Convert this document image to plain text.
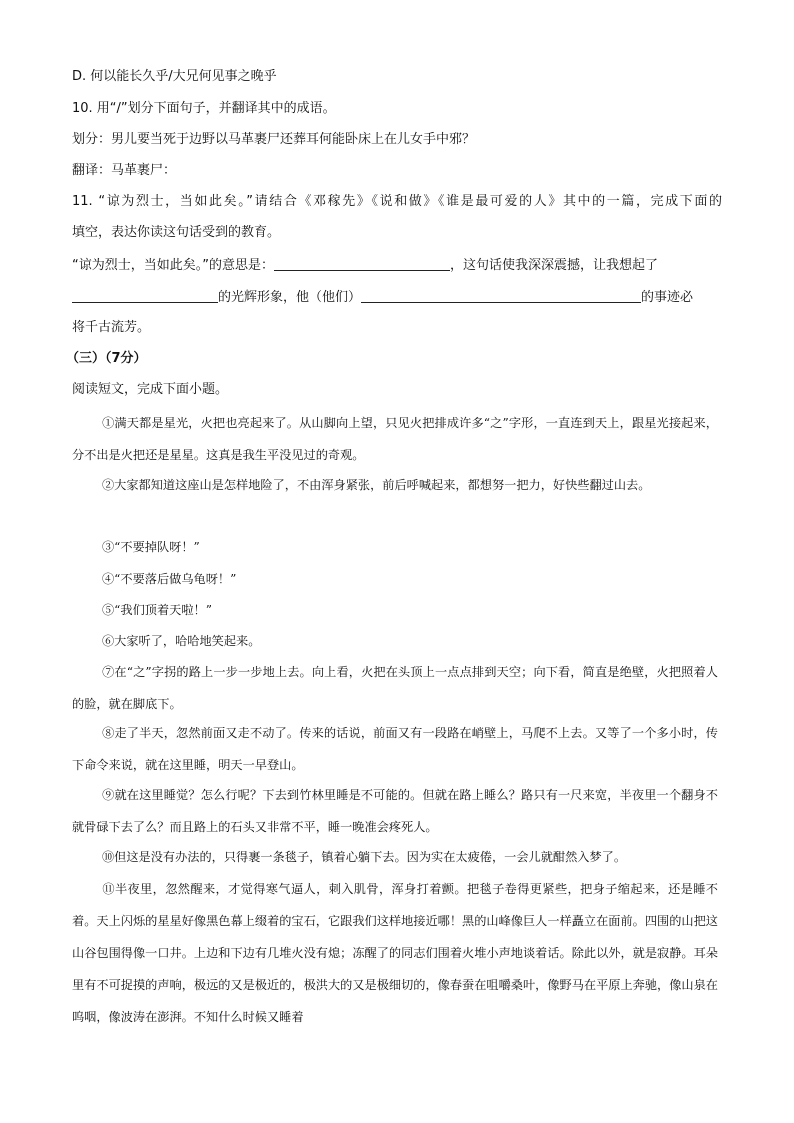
D. 何以能长久乎/大兄何见事之晚乎
10. 用“/”划分下面句子，并翻译其中的成语。
划分：男儿要当死于边野以马革裹尸还葬耳何能卧床上在儿女手中邪？
翻译：马革裹尸：
11. “谅为烈士，当如此矣。”请结合《邓稼先》《说和做》《谁是最可爱的人》其中的一篇，完成下面的
填空，表达你读这句话受到的教育。
“谅为烈士，当如此矣。”的意思是：	，这句话使我深深震撼，让我想起了
的光辉形象，他（他们）	的事迹必
将千古流芳。
（三）（7分）
阅读短文，完成下面小题。

①满天都是星光，火把也亮起来了。从山脚向上望，只见火把排成许多“之”字形，一直连到天上，跟星光接起来，分不出是火把还是星星。这真是我生平没见过的奇观。

②大家都知道这座山是怎样地险了，不由浑身紧张，前后呼喊起来，都想努一把力，好快些翻过山去。

③“不要掉队呀！”

④“不要落后做乌龟呀！”

⑤“我们顶着天啦！”

⑥大家听了，哈哈地笑起来。

⑦在“之”字拐的路上一步一步地上去。向上看，火把在头顶上一点点排到天空；向下看，简直是绝壁，火把照着人的脸，就在脚底下。

⑧走了半天，忽然前面又走不动了。传来的话说，前面又有一段路在峭壁上，马爬不上去。又等了一个多小时，传下命令来说，就在这里睡，明天一早登山。

⑨就在这里睡觉？怎么行呢？下去到竹林里睡是不可能的。但就在路上睡么？路只有一尺来宽，半夜里一个翻身不就骨碌下去了么？而且路上的石头又非常不平，睡一晚准会疼死人。

⑩但这是没有办法的，只得裹一条毯子，镇着心躺下去。因为实在太疲倦，一会儿就酣然入梦了。

⑪半夜里，忽然醒来，才觉得寒气逼人，刺入肌骨，浑身打着颤。把毯子卷得更紧些，把身子缩起来，还是睡不着。天上闪烁的星星好像黑色幕上缀着的宝石，它跟我们这样地接近哪！黑的山峰像巨人一样矗立在面前。四围的山把这山谷包围得像一口井。上边和下边有几堆火没有熄；冻醒了的同志们围着火堆小声地谈着话。除此以外，就是寂静。耳朵里有不可捉摸的声响，极远的又是极近的，极洪大的又是极细切的，像春蚕在咀嚼桑叶，像野马在平原上奔驰，像山泉在呜咽，像波涛在澎湃。不知什么时候又睡着
